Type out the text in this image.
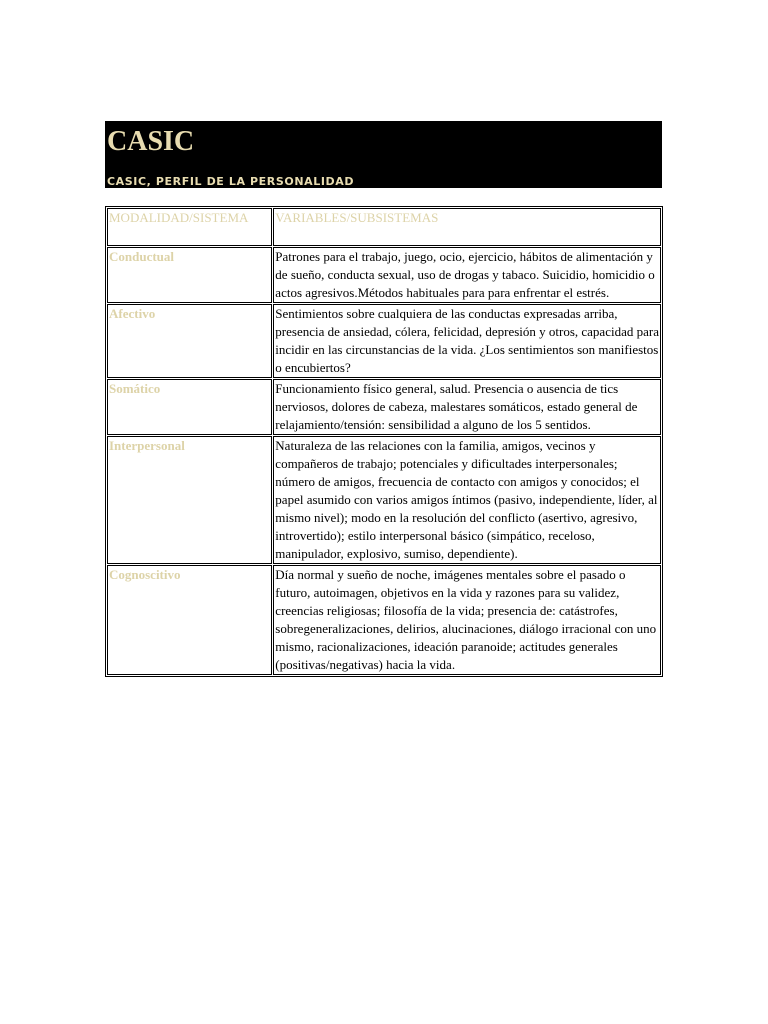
CASIC

CASIC, PERFIL DE LA PERSONALIDAD

MODALIDAD/SISTEMA	VARIABLES/SUBSISTEMAS
Conductual	Patrones para el trabajo, juego, ocio, ejercicio, hábitos de alimentación y de sueño, conducta sexual, uso de drogas y tabaco. Suicidio, homicidio o actos agresivos.Métodos habituales para para enfrentar el estrés.
Afectivo	Sentimientos sobre cualquiera de las conductas expresadas arriba, presencia de ansiedad, cólera, felicidad, depresión y otros, capacidad para incidir en las circunstancias de la vida. ¿Los sentimientos son manifiestos o encubiertos?
Somático	Funcionamiento físico general, salud. Presencia o ausencia de tics nerviosos, dolores de cabeza, malestares somáticos, estado general de relajamiento/tensión: sensibilidad a alguno de los 5 sentidos.
Interpersonal	Naturaleza de las relaciones con la familia, amigos, vecinos y compañeros de trabajo; potenciales y dificultades interpersonales; número de amigos, frecuencia de contacto con amigos y conocidos; el papel asumido con varios amigos íntimos (pasivo, independiente, líder, al mismo nivel); modo en la resolución del conflicto (asertivo, agresivo, introvertido); estilo interpersonal básico (simpático, receloso, manipulador, explosivo, sumiso, dependiente).
Cognoscitivo	Día normal y sueño de noche, imágenes mentales sobre el pasado o futuro, autoimagen, objetivos en la vida y razones para su validez, creencias religiosas; filosofía de la vida; presencia de: catástrofes, sobregeneralizaciones, delirios, alucinaciones, diálogo irracional con uno mismo, racionalizaciones, ideación paranoide; actitudes generales (positivas/negativas) hacia la vida.
